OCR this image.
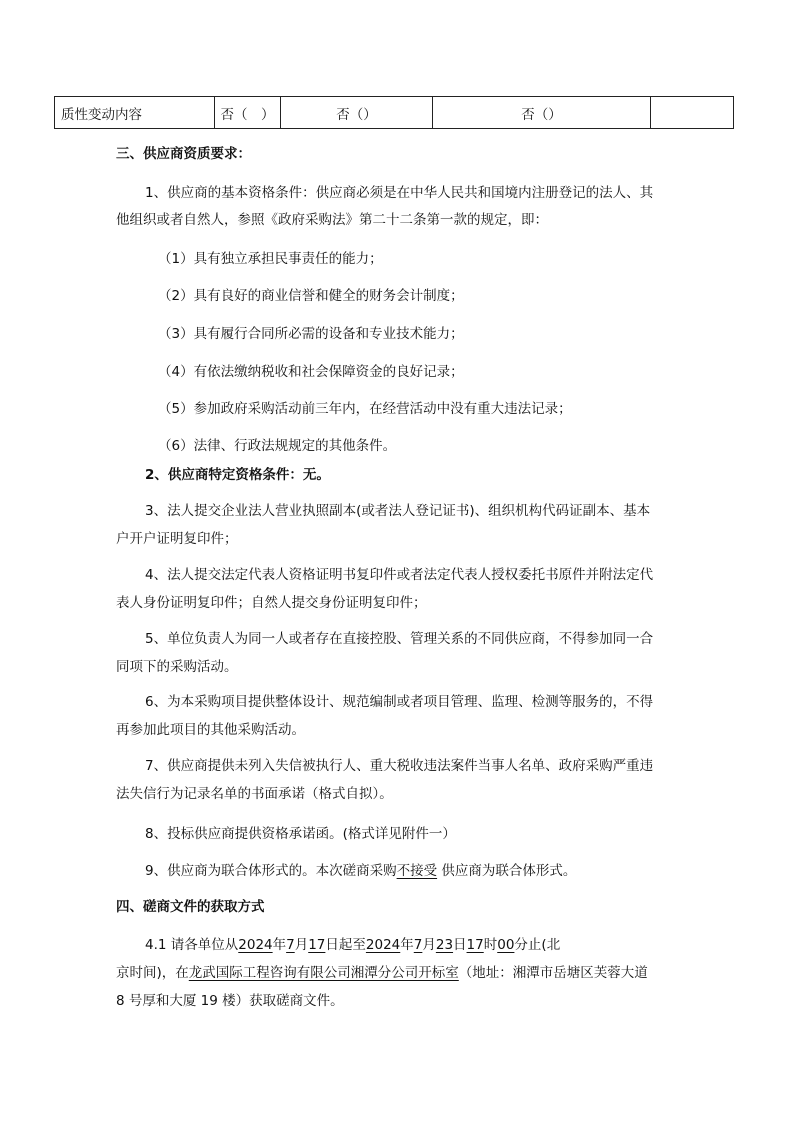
质性变动内容	否（　）	否（）	否（）
三、供应商资质要求：
1、供应商的基本资格条件：供应商必须是在中华人民共和国境内注册登记的法人、其
他组织或者自然人，参照《政府采购法》第二十二条第一款的规定，即：
（1）具有独立承担民事责任的能力；
（2）具有良好的商业信誉和健全的财务会计制度；
（3）具有履行合同所必需的设备和专业技术能力；
（4）有依法缴纳税收和社会保障资金的良好记录；
（5）参加政府采购活动前三年内，在经营活动中没有重大违法记录；
（6）法律、行政法规规定的其他条件。
2、供应商特定资格条件：无。
3、法人提交企业法人营业执照副本(或者法人登记证书)、组织机构代码证副本、基本
户开户证明复印件；
4、法人提交法定代表人资格证明书复印件或者法定代表人授权委托书原件并附法定代
表人身份证明复印件；自然人提交身份证明复印件；
5、单位负责人为同一人或者存在直接控股、管理关系的不同供应商，不得参加同一合
同项下的采购活动。
6、为本采购项目提供整体设计、规范编制或者项目管理、监理、检测等服务的，不得
再参加此项目的其他采购活动。
7、供应商提供未列入失信被执行人、重大税收违法案件当事人名单、政府采购严重违
法失信行为记录名单的书面承诺（格式自拟）。
8、投标供应商提供资格承诺函。(格式详见附件一）
9、供应商为联合体形式的。本次磋商采购不接受 供应商为联合体形式。
四、磋商文件的获取方式
4.1 请各单位从2024年7月17日起至2024年7月23日17时00分止(北
京时间)，在龙武国际工程咨询有限公司湘潭分公司开标室（地址：湘潭市岳塘区芙蓉大道
8 号厚和大厦 19 楼）获取磋商文件。
